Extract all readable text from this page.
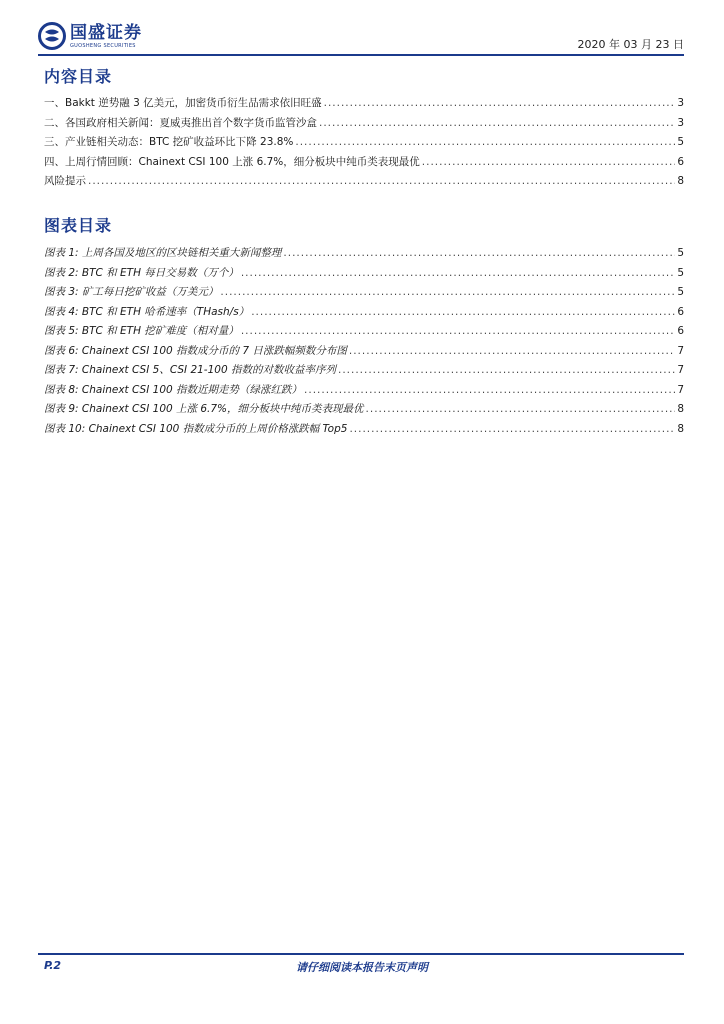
国盛证券
GUOSHENG SECURITIES	2020 年 03 月 23 日
内容目录
一、Bakkt 逆势融 3 亿美元，加密货币衍生品需求依旧旺盛 .....	3
二、各国政府相关新闻：夏威夷推出首个数字货币监管沙盒 .....	3
三、产业链相关动态：BTC 挖矿收益环比下降 23.8% .....	5
四、上周行情回顾：Chainext CSI 100 上涨 6.7%，细分板块中纯币类表现最优 .....	6
风险提示 .....	8
图表目录
图表 1: 上周各国及地区的区块链相关重大新闻整理 .....	5
图表 2: BTC 和 ETH 每日交易数（万个） .....	5
图表 3: 矿工每日挖矿收益（万美元） .....	5
图表 4: BTC 和 ETH 哈希速率（THash/s） .....	6
图表 5: BTC 和 ETH 挖矿难度（相对量） .....	6
图表 6: Chainext CSI 100 指数成分币的 7 日涨跌幅频数分布图 .....	7
图表 7: Chainext CSI 5、CSI 21-100 指数的对数收益率序列 .....	7
图表 8: Chainext CSI 100 指数近期走势（绿涨红跌） .....	7
图表 9: Chainext CSI 100 上涨 6.7%，细分板块中纯币类表现最优 .....	8
图表 10: Chainext CSI 100 指数成分币的上周价格涨跌幅 Top5 .....	8
P.2	请仔细阅读本报告末页声明
